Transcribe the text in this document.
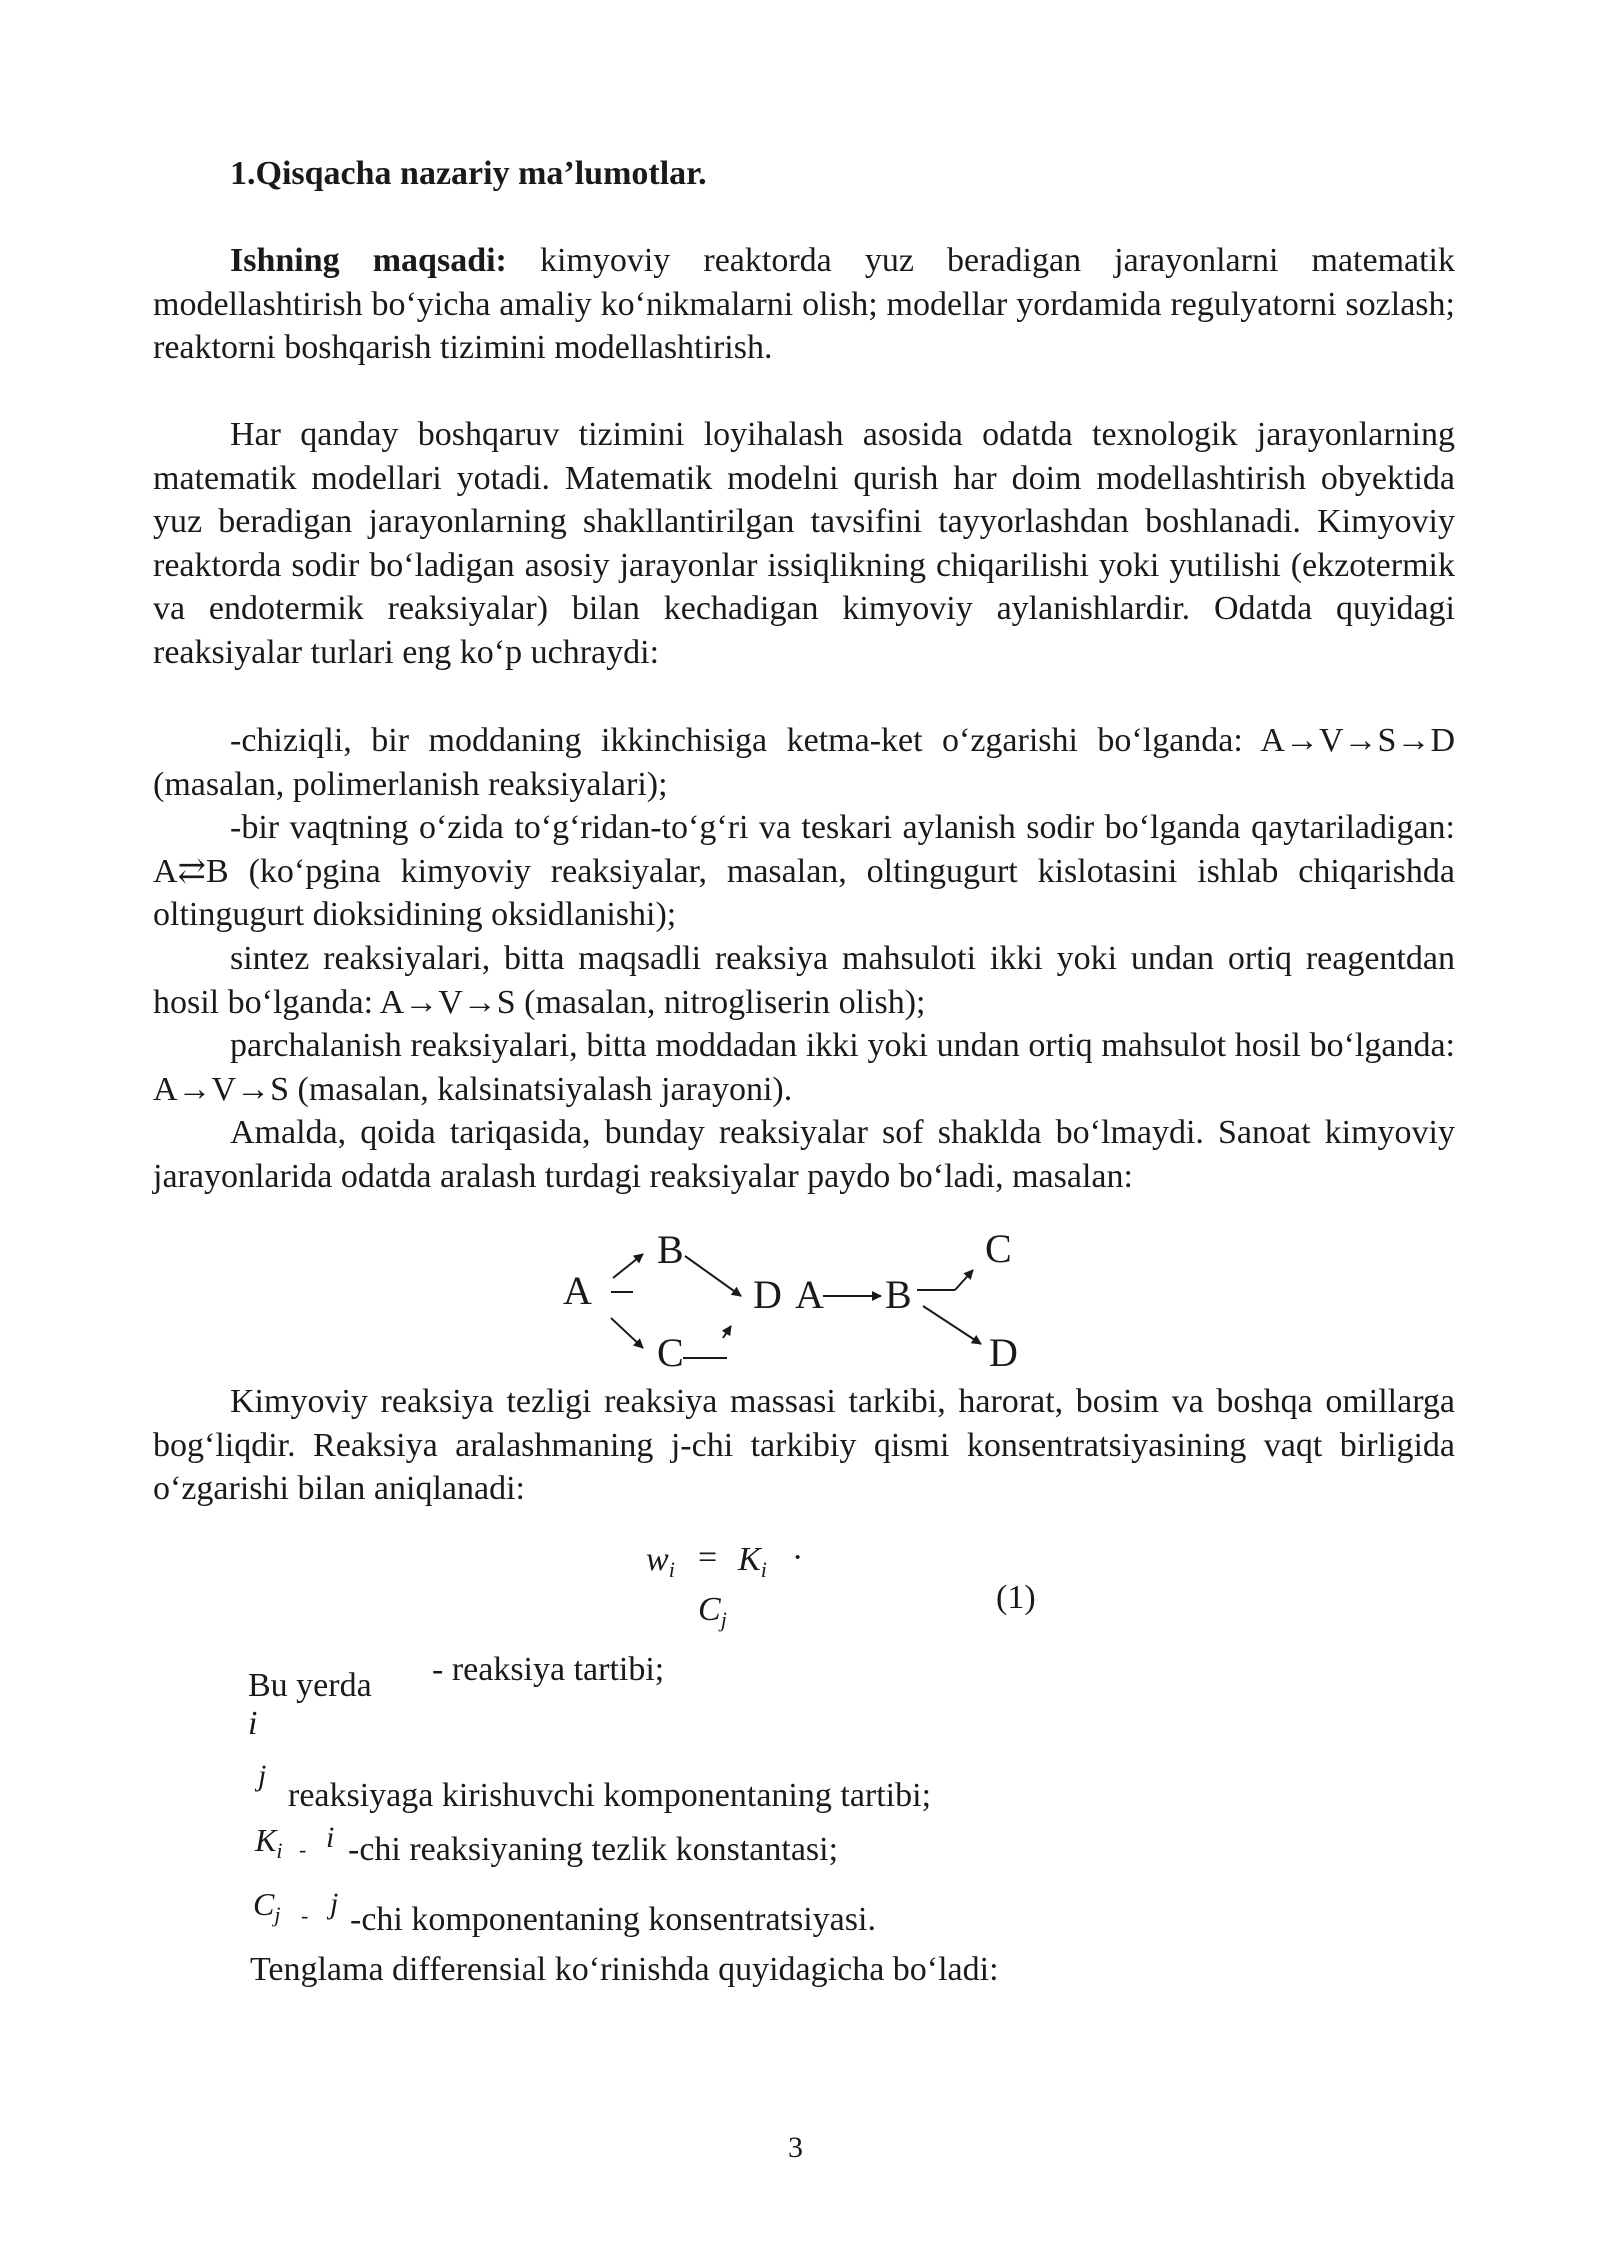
1.Qisqacha nazariy ma’lumotlar.
Ishning maqsadi: kimyoviy reaktorda yuz beradigan jarayonlarni matematik modellashtirish bo‘yicha amaliy ko‘nikmalarni olish; modellar yordamida regulyatorni sozlash; reaktorni boshqarish tizimini modellashtirish.
Har qanday boshqaruv tizimini loyihalash asosida odatda texnologik jarayonlarning matematik modellari yotadi. Matematik modelni qurish har doim modellashtirish obyektida yuz beradigan jarayonlarning shakllantirilgan tavsifini tayyorlashdan boshlanadi. Kimyoviy reaktorda sodir bo‘ladigan asosiy jarayonlar issiqlikning chiqarilishi yoki yutilishi (ekzotermik va endotermik reaksiyalar) bilan kechadigan kimyoviy aylanishlardir. Odatda quyidagi reaksiyalar turlari eng ko‘p uchraydi:
-chiziqli, bir moddaning ikkinchisiga ketma-ket o‘zgarishi bo‘lganda: A→V→S→D (masalan, polimerlanish reaksiyalari);
-bir vaqtning o‘zida to‘g‘ridan-to‘g‘ri va teskari aylanish sodir bo‘lganda qaytariladigan: A⇄B (ko‘pgina kimyoviy reaksiyalar, masalan, oltingugurt kislotasini ishlab chiqarishda oltingugurt dioksidining oksidlanishi);
sintez reaksiyalari, bitta maqsadli reaksiya mahsuloti ikki yoki undan ortiq reagentdan hosil bo‘lganda: A→V→S (masalan, nitrogliserin olish);
parchalanish reaksiyalari, bitta moddadan ikki yoki undan ortiq mahsulot hosil bo‘lganda: A→V→S (masalan, kalsinatsiyalash jarayoni).
Amalda, qoida tariqasida, bunday reaksiyalar sof shaklda bo‘lmaydi. Sanoat kimyoviy jarayonlarida odatda aralash turdagi reaksiyalar paydo bo‘ladi, masalan:
A
B
C
D A B
C
D
Kimyoviy reaksiya tezligi reaksiya massasi tarkibi, harorat, bosim va boshqa omillarga bog‘liqdir. Reaksiya aralashmaning j-chi tarkibiy qismi konsentratsiyasining vaqt birligida o‘zgarishi bilan aniqlanadi:
$w_i = K_i$ ·
$C_j$
(1)
Bu yerda
i
- reaksiya tartibi;
j
reaksiyaga kirishuvchi komponentaning tartibi;
$K_i$ - i -chi reaksiyaning tezlik konstantasi;
$C_j$ - j -chi komponentaning konsentratsiyasi.
Tenglama differensial ko‘rinishda quyidagicha bo‘ladi:
3
